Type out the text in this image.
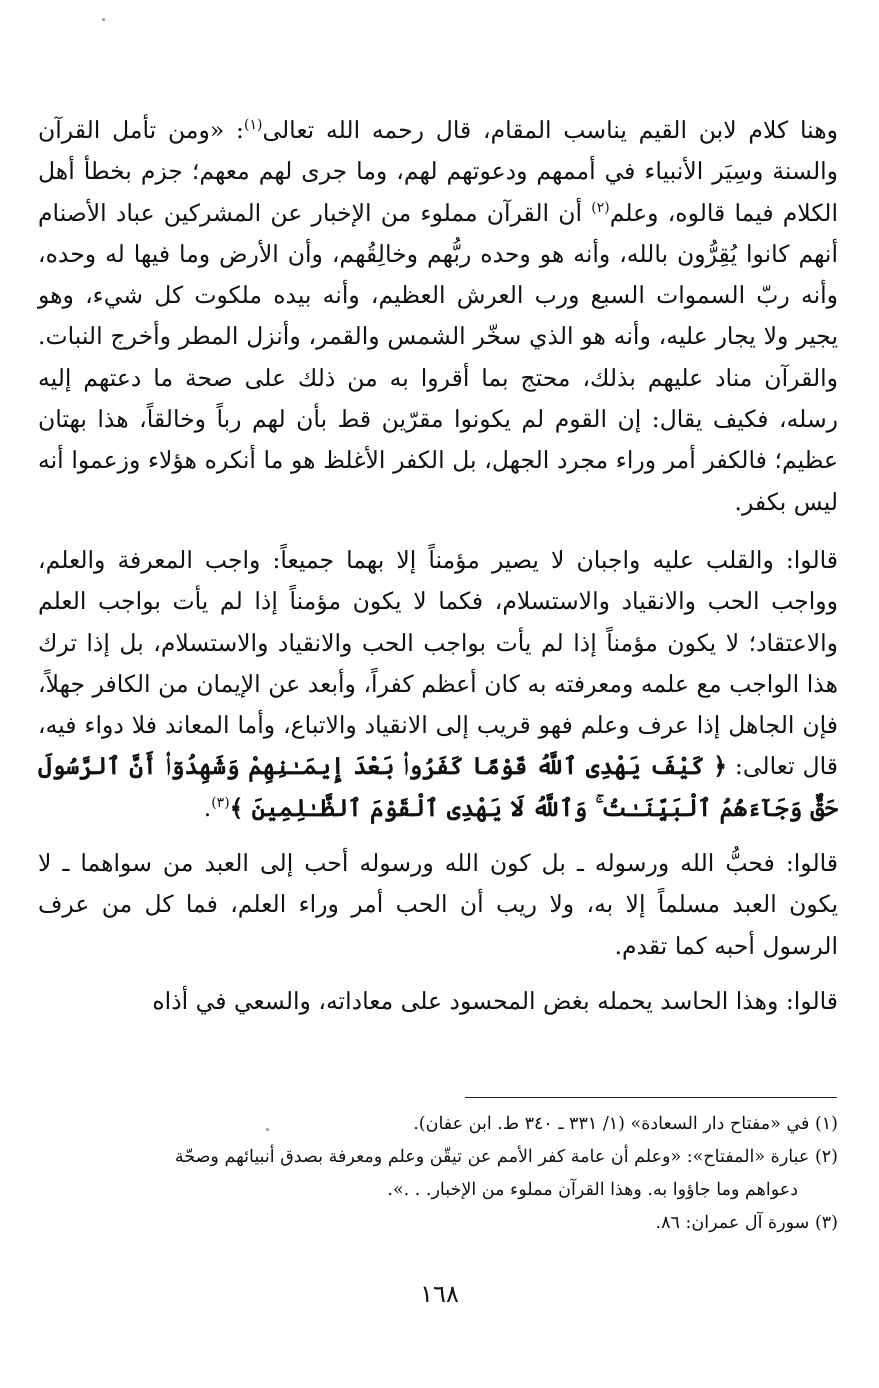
وهنا كلام لابن القيم يناسب المقام، قال رحمه الله تعالى$^{(١)}$: «ومن تأمل القرآن والسنة وسِيَر الأنبياء في أممهم ودعوتهم لهم، وما جرى لهم معهم؛ جزم بخطأ أهل الكلام فيما قالوه، وعلم$^{(٢)}$ أن القرآن مملوء من الإخبار عن المشركين عباد الأصنام أنهم كانوا يُقِرُّون بالله، وأنه هو وحده ربُّهم وخالِقُهم، وأن الأرض وما فيها له وحده، وأنه ربّ السموات السبع ورب العرش العظيم، وأنه بيده ملكوت كل شيء، وهو يجير ولا يجار عليه، وأنه هو الذي سخّر الشمس والقمر، وأنزل المطر وأخرج النبات. والقرآن مناد عليهم بذلك، محتج بما أقروا به من ذلك على صحة ما دعتهم إليه رسله، فكيف يقال: إن القوم لم يكونوا مقرّين قط بأن لهم رباً وخالقاً، هذا بهتان عظيم؛ فالكفر أمر وراء مجرد الجهل، بل الكفر الأغلظ هو ما أنكره هؤلاء وزعموا أنه ليس بكفر.

قالوا: والقلب عليه واجبان لا يصير مؤمناً إلا بهما جميعاً: واجب المعرفة والعلم، وواجب الحب والانقياد والاستسلام، فكما لا يكون مؤمناً إذا لم يأت بواجب العلم والاعتقاد؛ لا يكون مؤمناً إذا لم يأت بواجب الحب والانقياد والاستسلام، بل إذا ترك هذا الواجب مع علمه ومعرفته به كان أعظم كفراً، وأبعد عن الإيمان من الكافر جهلاً، فإن الجاهل إذا عرف وعلم فهو قريب إلى الانقياد والاتباع، وأما المعاند فلا دواء فيه، قال تعالى: ﴿ كَيْفَ يَهْدِى ٱللَّهُ قَوْمًا كَفَرُوا۟ بَعْدَ إِيمَـٰنِهِمْ وَشَهِدُوٓا۟ أَنَّ ٱلرَّسُولَ حَقٌّ وَجَآءَهُمُ ٱلْبَيِّنَـٰتُ ۚ وَٱللَّهُ لَا يَهْدِى ٱلْقَوْمَ ٱلظَّـٰلِمِينَ ﴾$^{(٣)}$.

قالوا: فحبُّ الله ورسوله ـ بل كون الله ورسوله أحب إلى العبد من سواهما ـ لا يكون العبد مسلماً إلا به، ولا ريب أن الحب أمر وراء العلم، فما كل من عرف الرسول أحبه كما تقدم.

قالوا: وهذا الحاسد يحمله بغض المحسود على معاداته، والسعي في أذاه

(١) في «مفتاح دار السعادة» (١/ ٣٣١ ـ ٣٤٠ ط. ابن عفان).

(٢) عبارة «المفتاح»: «وعلم أن عامة كفر الأمم عن تيقّن وعلم ومعرفة بصدق أنبيائهم وصحّة

دعواهم وما جاؤوا به. وهذا القرآن مملوء من الإخبار. . .».

(٣) سورة آل عمران: ٨٦.

١٦٨
